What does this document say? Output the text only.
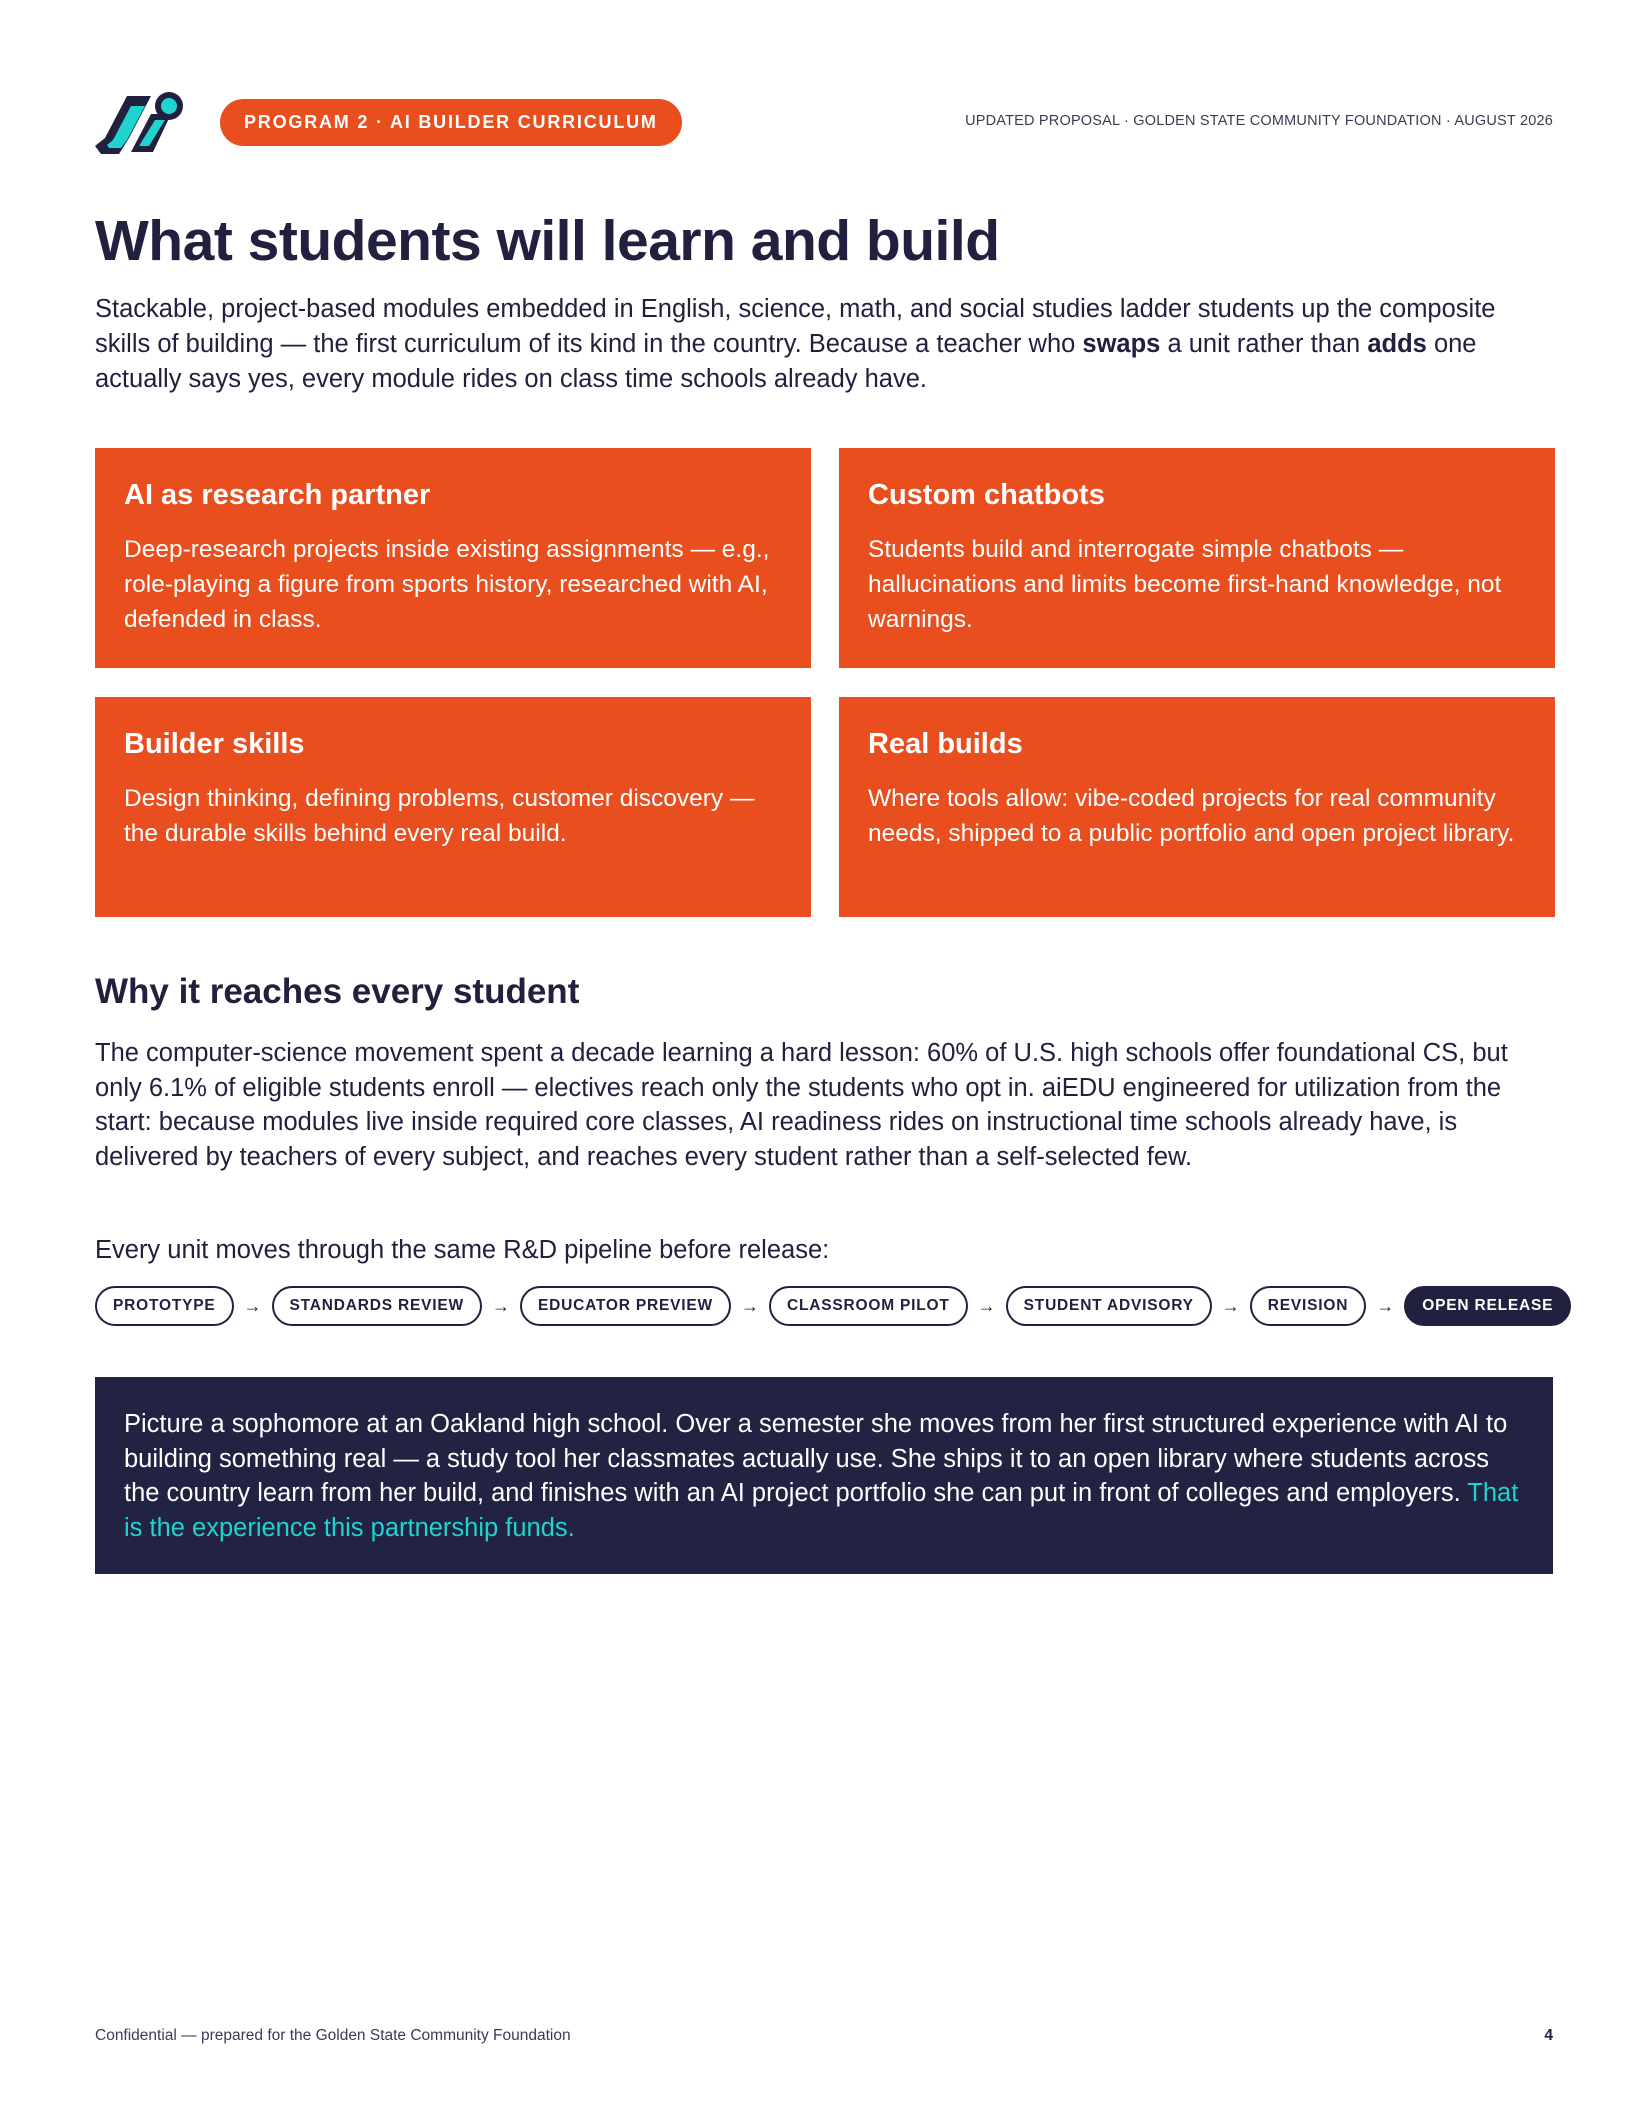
PROGRAM 2 · AI BUILDER CURRICULUM	UPDATED PROPOSAL · GOLDEN STATE COMMUNITY FOUNDATION · AUGUST 2026
What students will learn and build

Stackable, project-based modules embedded in English, science, math, and social studies ladder students up the composite skills of building — the first curriculum of its kind in the country. Because a teacher who swaps a unit rather than adds one actually says yes, every module rides on class time schools already have.

AI as research partner

Deep-research projects inside existing assignments — e.g., role-playing a figure from sports history, researched with AI, defended in class.

Custom chatbots

Students build and interrogate simple chatbots — hallucinations and limits become first-hand knowledge, not warnings.

Builder skills

Design thinking, defining problems, customer discovery — the durable skills behind every real build.

Real builds

Where tools allow: vibe-coded projects for real community needs, shipped to a public portfolio and open project library.

Why it reaches every student

The computer-science movement spent a decade learning a hard lesson: 60% of U.S. high schools offer foundational CS, but only 6.1% of eligible students enroll — electives reach only the students who opt in. aiEDU engineered for utilization from the start: because modules live inside required core classes, AI readiness rides on instructional time schools already have, is delivered by teachers of every subject, and reaches every student rather than a self-selected few.

Every unit moves through the same R&D pipeline before release:

PROTOTYPE	→	STANDARDS REVIEW	→	EDUCATOR PREVIEW	→	CLASSROOM PILOT	→	STUDENT ADVISORY	→	REVISION	→	OPEN RELEASE

Picture a sophomore at an Oakland high school. Over a semester she moves from her first structured experience with AI to building something real — a study tool her classmates actually use. She ships it to an open library where students across the country learn from her build, and finishes with an AI project portfolio she can put in front of colleges and employers. That is the experience this partnership funds.

Confidential — prepared for the Golden State Community Foundation	4
